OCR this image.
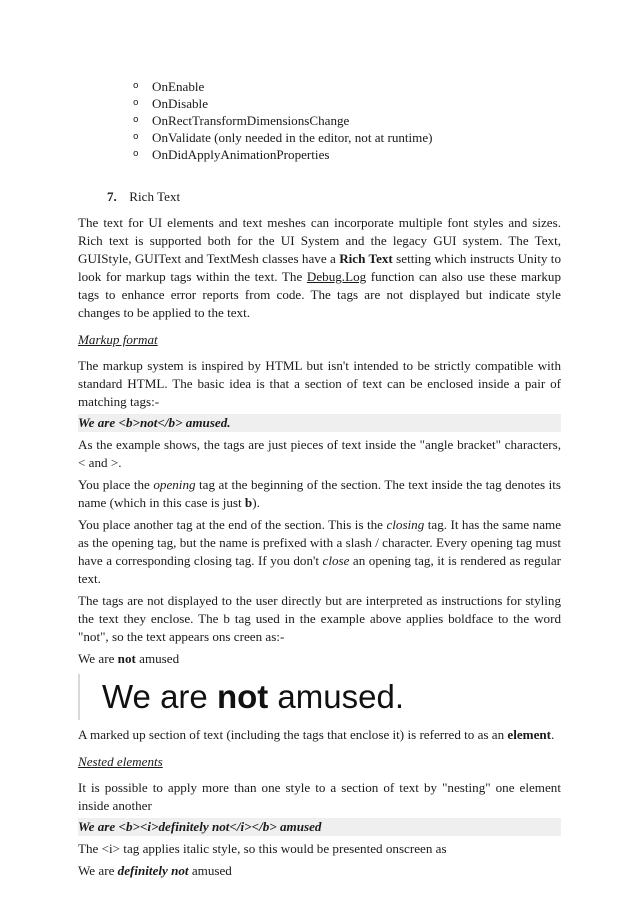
o OnEnable
o OnDisable
o OnRectTransformDimensionsChange
o OnValidate (only needed in the editor, not at runtime)
o OnDidApplyAnimationProperties
7. Rich Text

The text for UI elements and text meshes can incorporate multiple font styles and sizes. Rich text is supported both for the UI System and the legacy GUI system. The Text, GUIStyle, GUIText and TextMesh classes have a Rich Text setting which instructs Unity to look for markup tags within the text. The Debug.Log function can also use these markup tags to enhance error reports from code. The tags are not displayed but indicate style changes to be applied to the text.

Markup format

The markup system is inspired by HTML but isn't intended to be strictly compatible with standard HTML. The basic idea is that a section of text can be enclosed inside a pair of matching tags:-

We are <b>not</b> amused.

As the example shows, the tags are just pieces of text inside the "angle bracket" characters, < and >.

You place the opening tag at the beginning of the section. The text inside the tag denotes its name (which in this case is just b).

You place another tag at the end of the section. This is the closing tag. It has the same name as the opening tag, but the name is prefixed with a slash / character. Every opening tag must have a corresponding closing tag. If you don't close an opening tag, it is rendered as regular text.

The tags are not displayed to the user directly but are interpreted as instructions for styling the text they enclose. The b tag used in the example above applies boldface to the word "not", so the text appears ons creen as:-

We are not amused

We are not amused.

A marked up section of text (including the tags that enclose it) is referred to as an element.

Nested elements

It is possible to apply more than one style to a section of text by "nesting" one element inside another

We are <b><i>definitely not</i></b> amused

The <i> tag applies italic style, so this would be presented onscreen as

We are definitely not amused
